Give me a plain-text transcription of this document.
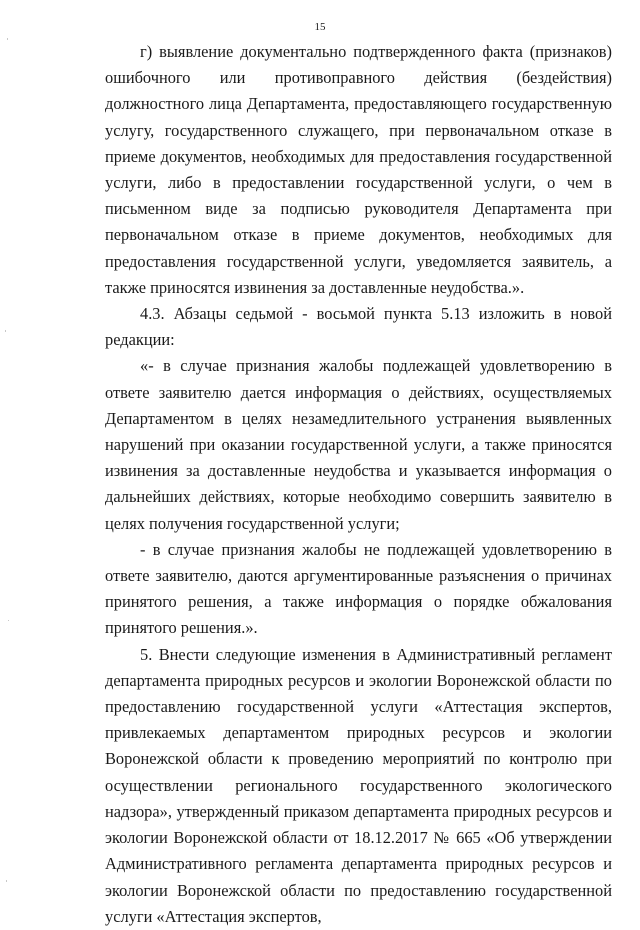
15

г) выявление документально подтвержденного факта (признаков) ошибочного или противоправного действия (бездействия) должностного лица Департамента, предоставляющего государственную услугу, государственного служащего, при первоначальном отказе в приеме документов, необходимых для предоставления государственной услуги, либо в предоставлении государственной услуги, о чем в письменном виде за подписью руководителя Департамента при первоначальном отказе в приеме документов, необходимых для предоставления государственной услуги, уведомляется заявитель, а также приносятся извинения за доставленные неудобства.».

4.3. Абзацы седьмой - восьмой пункта 5.13 изложить в новой редакции:

«- в случае признания жалобы подлежащей удовлетворению в ответе заявителю дается информация о действиях, осуществляемых Департаментом в целях незамедлительного устранения выявленных нарушений при оказании государственной услуги, а также приносятся извинения за доставленные неудобства и указывается информация о дальнейших действиях, которые необходимо совершить заявителю в целях получения государственной услуги;

- в случае признания жалобы не подлежащей удовлетворению в ответе заявителю, даются аргументированные разъяснения о причинах принятого решения, а также информация о порядке обжалования принятого решения.».

5. Внести следующие изменения в Административный регламент департамента природных ресурсов и экологии Воронежской области по предоставлению государственной услуги «Аттестация экспертов, привлекаемых департаментом природных ресурсов и экологии Воронежской области к проведению мероприятий по контролю при осуществлении регионального государственного экологического надзора», утвержденный приказом департамента природных ресурсов и экологии Воронежской области от 18.12.2017 № 665 «Об утверждении Административного регламента департамента природных ресурсов и экологии Воронежской области по предоставлению государственной услуги «Аттестация экспертов,
